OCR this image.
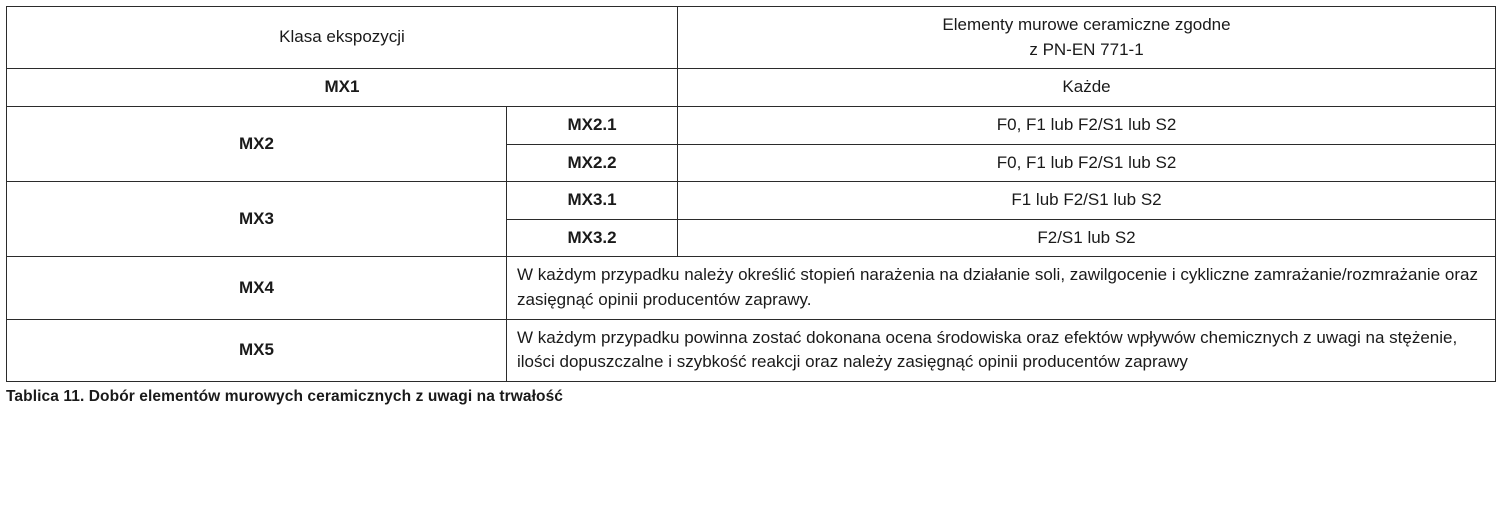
Klasa ekspozycji		Elementy murowe ceramiczne zgodne
z PN-EN 771-1

MX1		Każde
MX2	MX2.1	F0, F1 lub F2/S1 lub S2
	MX2.2	F0, F1 lub F2/S1 lub S2
MX3	MX3.1	F1 lub F2/S1 lub S2
	MX3.2	F2/S1 lub S2
MX4	W każdym przypadku należy określić stopień narażenia na działanie soli, zawilgocenie i cykliczne zamrażanie/rozmrażanie oraz zasięgnąć opinii producentów zaprawy.	
MX5	W każdym przypadku powinna zostać dokonana ocena środowiska oraz efektów wpływów chemicznych z uwagi na stężenie, ilości dopuszczalne i szybkość reakcji oraz należy zasięgnąć opinii producentów zaprawy	
Tablica 11. Dobór elementów murowych ceramicznych z uwagi na trwałość
